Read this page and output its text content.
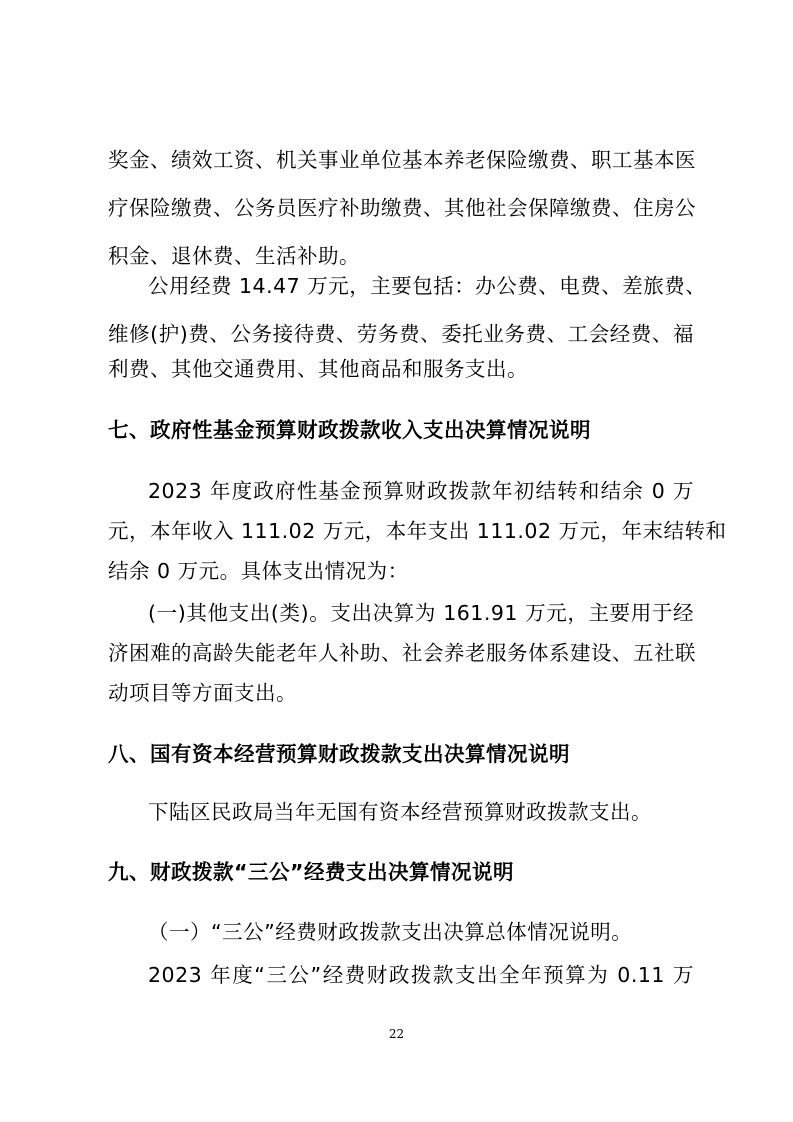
奖金、绩效工资、机关事业单位基本养老保险缴费、职工基本医
疗保险缴费、公务员医疗补助缴费、其他社会保障缴费、住房公
积金、退休费、生活补助。
公用经费 14.47 万元，主要包括：办公费、电费、差旅费、
维修(护)费、公务接待费、劳务费、委托业务费、工会经费、福
利费、其他交通费用、其他商品和服务支出。
七、政府性基金预算财政拨款收入支出决算情况说明
2023 年度政府性基金预算财政拨款年初结转和结余 0 万
元，本年收入 111.02 万元，本年支出 111.02 万元，年末结转和
结余 0 万元。具体支出情况为：
(一)其他支出(类)。支出决算为 161.91 万元，主要用于经
济困难的高龄失能老年人补助、社会养老服务体系建设、五社联
动项目等方面支出。
八、国有资本经营预算财政拨款支出决算情况说明
下陆区民政局当年无国有资本经营预算财政拨款支出。
九、财政拨款“三公”经费支出决算情况说明
（一）“三公”经费财政拨款支出决算总体情况说明。
2023 年度“三公”经费财政拨款支出全年预算为 0.11 万
22
